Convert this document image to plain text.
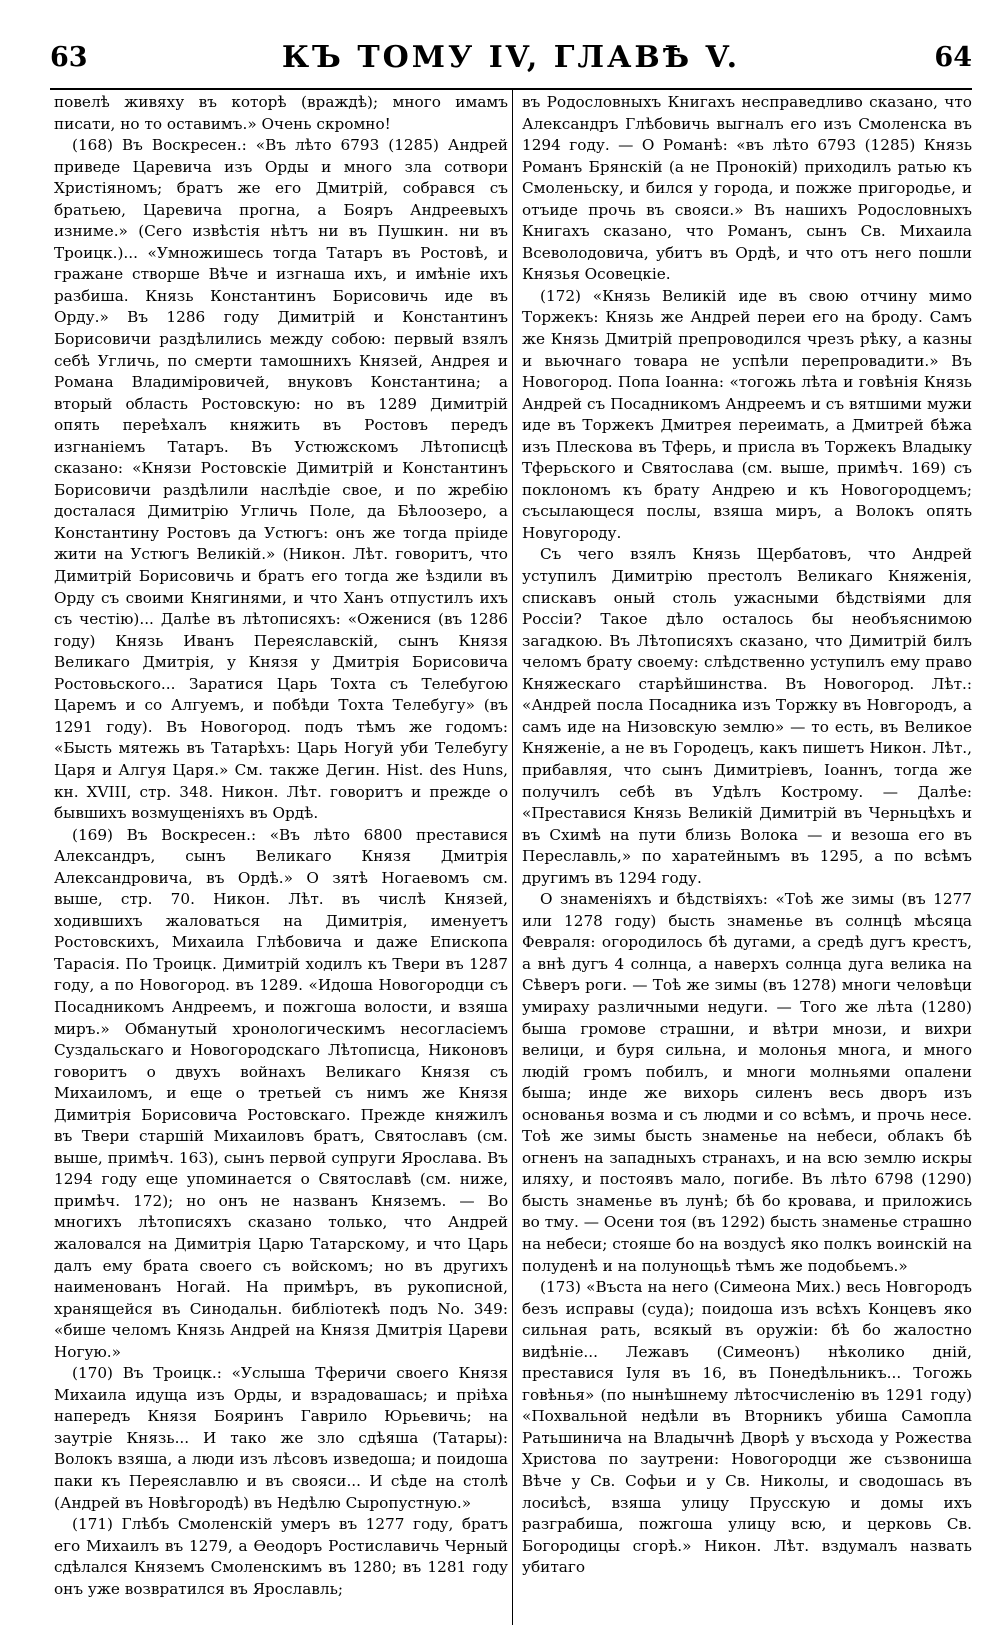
63	КЪ ТОМУ IV, ГЛАВѢ V.	64

повелѣ живяху въ которѣ (враждѣ); много имамъ писати, но то оставимъ.» Очень скромно!

(168) Въ Воскресен.: «Въ лѣто 6793 (1285) Андрей приведе Царевича изъ Орды и много зла сотвори Христіяномъ; братъ же его Дмитрій, собрався съ братьею, Царевича прогна, а Бояръ Андреевыхъ изниме.» (Сего извѣстія нѣтъ ни въ Пушкин. ни въ Троицк.)... «Умножишесь тогда Татаръ въ Ростовѣ, и гражане створше Вѣче и изгнаша ихъ, и имѣніе ихъ разбиша. Князь Константинъ Борисовичь иде въ Орду.» Въ 1286 году Димитрій и Константинъ Борисовичи раздѣлились между собою: первый взялъ себѣ Угличь, по смерти тамошнихъ Князей, Андрея и Романа Владиміровичей, внуковъ Константина; а вторый область Ростовскую: но въ 1289 Димитрій опять переѣхалъ княжить въ Ростовъ передъ изгнаніемъ Татаръ. Въ Устюжскомъ Лѣтописцѣ сказано: «Князи Ростовскіе Димитрій и Константинъ Борисовичи раздѣлили наслѣдіе свое, и по жребію досталася Димитрію Угличь Поле, да Бѣлоозеро, а Константину Ростовъ да Устюгъ: онъ же тогда пріиде жити на Устюгъ Великій.» (Никон. Лѣт. говоритъ, что Димитрій Борисовичь и братъ его тогда же ѣздили въ Орду съ своими Княгинями, и что Ханъ отпустилъ ихъ съ честію)... Далѣе въ лѣтописяхъ: «Оженися (въ 1286 году) Князь Иванъ Переяславскій, сынъ Князя Великаго Дмитрія, у Князя у Дмитрія Борисовича Ростовьского... Заратися Царь Тохта съ Телебугою Царемъ и со Алгуемъ, и побѣди Тохта Телебугу» (въ 1291 году). Въ Новогород. подъ тѣмъ же годомъ: «Бысть мятежь въ Татарѣхъ: Царь Ногуй уби Телебугу Царя и Алгуя Царя.» См. также Дегин. Hist. des Huns, кн. XVIII, стр. 348. Никон. Лѣт. говоритъ и прежде о бывшихъ возмущеніяхъ въ Ордѣ.

(169) Въ Воскресен.: «Въ лѣто 6800 преставися Александръ, сынъ Великаго Князя Дмитрія Александровича, въ Ордѣ.» О зятѣ Ногаевомъ см. выше, стр. 70. Никон. Лѣт. въ числѣ Князей, ходившихъ жаловаться на Димитрія, именуетъ Ростовскихъ, Михаила Глѣбовича и даже Епископа Тарасія. По Троицк. Димитрій ходилъ къ Твери въ 1287 году, а по Новогород. въ 1289. «Идоша Новогородци съ Посадникомъ Андреемъ, и пожгоша волости, и взяша миръ.» Обманутый хронологическимъ несогласіемъ Суздальскаго и Новогородскаго Лѣтописца, Никоновъ говоритъ о двухъ войнахъ Великаго Князя съ Михаиломъ, и еще о третьей съ нимъ же Князя Димитрія Борисовича Ростовскаго. Прежде княжилъ въ Твери старшій Михаиловъ братъ, Святославъ (см. выше, примѣч. 163), сынъ первой супруги Ярослава. Въ 1294 году еще упоминается о Святославѣ (см. ниже, примѣч. 172); но онъ не названъ Княземъ. — Во многихъ лѣтописяхъ сказано только, что Андрей жаловался на Димитрія Царю Татарскому, и что Царь далъ ему брата своего съ войскомъ; но въ другихъ наименованъ Ногай. На примѣръ, въ рукописной, хранящейся въ Синодальн. библіотекѣ подъ No. 349: «бише челомъ Князь Андрей на Князя Дмитрія Цареви Ногую.»

(170) Въ Троицк.: «Услыша Тферичи своего Князя Михаила идуща изъ Орды, и взрадовашась; и пріѣха напередъ Князя Бояринъ Гаврило Юрьевичь; на заутріе Князь... И тако же зло сдѣяша (Татары): Волокъ взяша, а люди изъ лѣсовъ изведоша; и поидоша паки къ Переяславлю и въ свояси... И сѣде на столѣ (Андрей въ Новѣгородѣ) въ Недѣлю Сыропустную.»

(171) Глѣбъ Смоленскій умеръ въ 1277 году, братъ его Михаилъ въ 1279, а Ѳеодоръ Ростиславичь Черный сдѣлался Княземъ Смоленскимъ въ 1280; въ 1281 году онъ уже возвратился въ Ярославль;

въ Родословныхъ Книгахъ несправедливо сказано, что Александръ Глѣбовичь выгналъ его изъ Смоленска въ 1294 году. — О Романѣ: «въ лѣто 6793 (1285) Князь Романъ Брянскій (а не Пронокій) приходилъ ратью къ Смоленьску, и бился у города, и пожже пригородье, и отъиде прочь въ свояси.» Въ нашихъ Родословныхъ Книгахъ сказано, что Романъ, сынъ Св. Михаила Всеволодовича, убитъ въ Ордѣ, и что отъ него пошли Князья Осовецкіе.

(172) «Князь Великій иде въ свою отчину мимо Торжекъ: Князь же Андрей переи его на броду. Самъ же Князь Дмитрій препроводился чрезъ рѣку, а казны и вьючнаго товара не успѣли перепровадити.» Въ Новогород. Попа Іоанна: «тогожь лѣта и говѣнія Князь Андрей съ Посадникомъ Андреемъ и съ вятшими мужи иде въ Торжекъ Дмитрея переимать, а Дмитрей бѣжа изъ Плескова въ Тферь, и присла въ Торжекъ Владыку Тферьского и Святослава (см. выше, примѣч. 169) съ поклономъ къ брату Андрею и къ Новогородцемъ; съсылающеся послы, взяша миръ, а Волокъ опять Новугороду.

Съ чего взялъ Князь Щербатовъ, что Андрей уступилъ Димитрію престолъ Великаго Княженія, спискавъ оный столь ужасными бѣдствіями для Россіи? Такое дѣло осталось бы необъяснимою загадкою. Въ Лѣтописяхъ сказано, что Димитрій билъ челомъ брату своему: слѣдственно уступилъ ему право Княжескаго старѣйшинства. Въ Новогород. Лѣт.: «Андрей посла Посадника изъ Торжку въ Новгородъ, а самъ иде на Низовскую землю» — то есть, въ Великое Княженіе, а не въ Городецъ, какъ пишетъ Никон. Лѣт., прибавляя, что сынъ Димитріевъ, Іоаннъ, тогда же получилъ себѣ въ Удѣлъ Кострому. — Далѣе: «Преставися Князь Великій Димитрій въ Черньцѣхъ и въ Схимѣ на пути близь Волока — и везоша его въ Переславль,» по харатейнымъ въ 1295, а по всѣмъ другимъ въ 1294 году.

О знаменіяхъ и бѣдствіяхъ: «Тоѣ же зимы (въ 1277 или 1278 году) бысть знаменье въ солнцѣ мѣсяца Февраля: огородилось бѣ дугами, а средѣ дугъ крестъ, а внѣ дугъ 4 солнца, а наверхъ солнца дуга велика на Сѣверъ роги. — Тоѣ же зимы (въ 1278) многи человѣци умираху различными недуги. — Того же лѣта (1280) быша громове страшни, и вѣтри мнози, и вихри велици, и буря сильна, и молонья многа, и много людій громъ побилъ, и многи молньями опалени быша; инде же вихорь силенъ весь дворъ изъ основанья возма и съ людми и со всѣмъ, и прочь несе. Тоѣ же зимы бысть знаменье на небеси, облакъ бѣ огненъ на западныхъ странахъ, и на всю землю искры иляху, и постоявъ мало, погибе. Въ лѣто 6798 (1290) бысть знаменье въ лунѣ; бѣ бо кровава, и приложись во тму. — Осени тоя (въ 1292) бысть знаменье страшно на небеси; стояше бо на воздусѣ яко полкъ воинскій на полуденѣ и на полунощьѣ тѣмъ же подобьемъ.»

(173) «Въста на него (Симеона Мих.) весь Новгородъ безъ исправы (суда); поидоша изъ всѣхъ Концевъ яко сильная рать, всякый въ оружіи: бѣ бо жалостно видѣніе... Лежавъ (Симеонъ) нѣколико дній, преставися Іуля въ 16, въ Понедѣльникъ... Тогожь говѣнья» (по нынѣшнему лѣтосчисленію въ 1291 году) «Похвальной недѣли въ Вторникъ убиша Самопла Ратьшинича на Владычнѣ Дворѣ у въсхода у Рожества Христова по заутрени: Новогородци же съзвониша Вѣче у Св. Софьи и у Св. Николы, и сводошась въ лосиѣсѣ, взяша улицу Прусскую и домы ихъ разграбиша, пожгоша улицу всю, и церковь Св. Богородицы сгорѣ.» Никон. Лѣт. вздумалъ назвать убитаго
